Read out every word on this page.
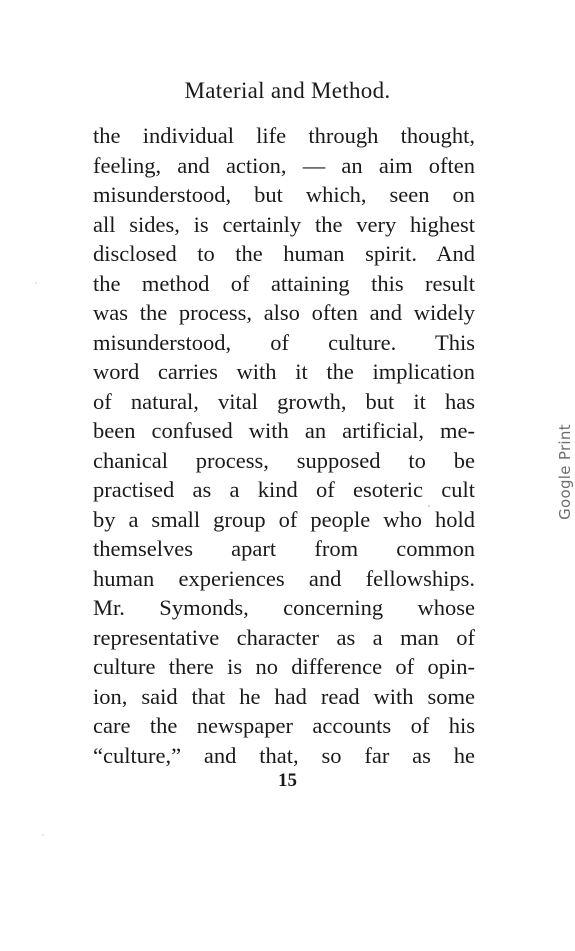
Material and Method.
the individual life through thought,
feeling, and action, — an aim often
misunderstood, but which, seen on
all sides, is certainly the very highest
disclosed to the human spirit. And
the method of attaining this result
was the process, also often and widely
misunderstood, of culture. This
word carries with it the implication
of natural, vital growth, but it has
been confused with an artificial, me-
chanical process, supposed to be
practised as a kind of esoteric cult
by a small group of people who hold
themselves apart from common
human experiences and fellowships.
Mr. Symonds, concerning whose
representative character as a man of
culture there is no difference of opin-
ion, said that he had read with some
care the newspaper accounts of his
“culture,” and that, so far as he
15
Google Print
